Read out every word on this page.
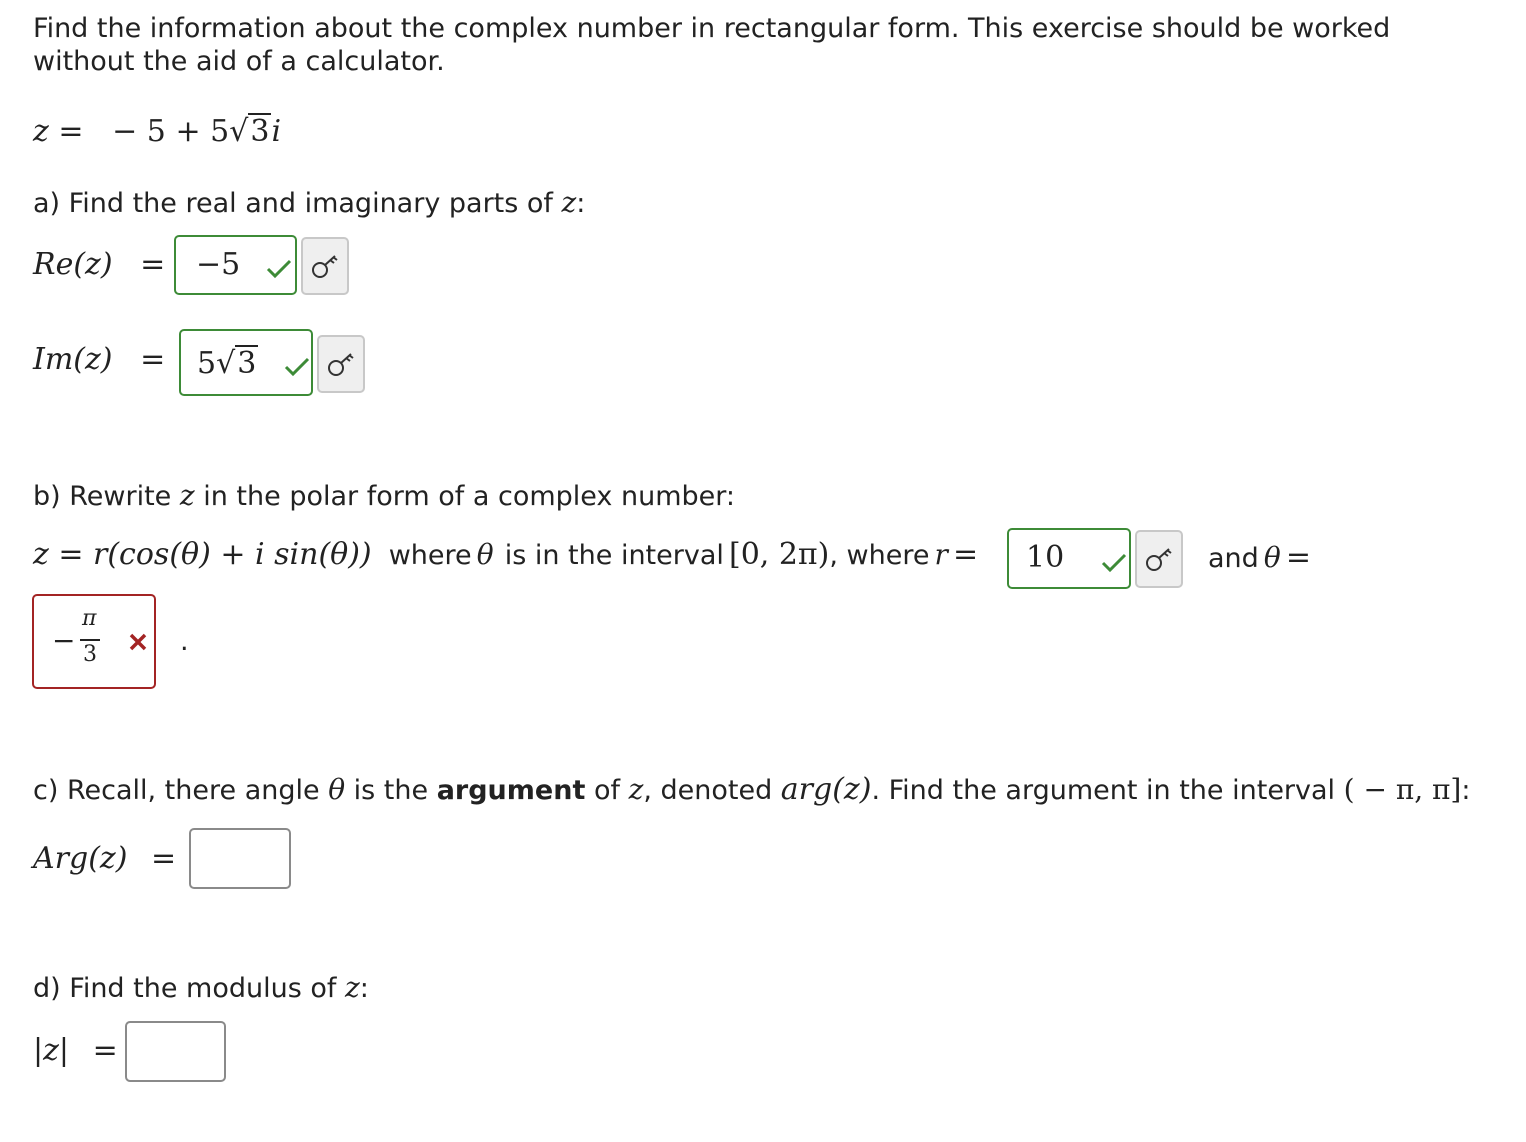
Find the information about the complex number in rectangular form. This exercise should be worked
without the aid of a calculator.
z = − 5 + 5√3i
a) Find the real and imaginary parts of z:
Re(z) = −5
Im(z) = 5√3
b) Rewrite z in the polar form of a complex number:
z = r(cos(θ) + i sin(θ)) where θ is in the interval [0, 2π), where r = 10	and θ =
−
π
3	.
c) Recall, there angle θ is the argument of z, denoted arg(z). Find the argument in the interval ( − π, π]:
Arg(z) =
d) Find the modulus of z:
|z| =
